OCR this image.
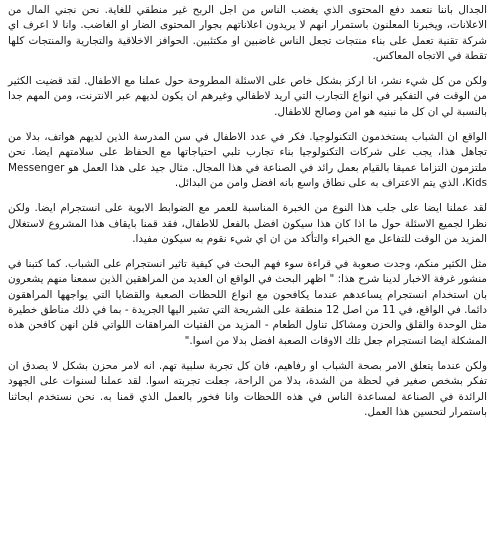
الجدال باننا نتعمد دفع المحتوى الذي يغضب الناس من اجل الربح غير منطقي للغاية. نحن نجني المال من الاعلانات، ويخبرنا المعلنون باستمرار انهم لا يريدون اعلاناتهم بجوار المحتوى الضار او الغاضب. وانا لا اعرف اي شركة تقنية تعمل على بناء منتجات تجعل الناس غاضبين او مكتئبين. الحوافز الاخلاقية والتجارية والمنتجات كلها تقطة في الاتجاه المعاكس.

ولكن من كل شيء نشر، انا اركز بشكل خاص على الاسئلة المطروحة حول عملنا مع الاطفال. لقد قضيت الكثير من الوقت في التفكير في انواع التجارب التي اريد لاطفالي وغيرهم ان يكون لديهم عبر الانترنت، ومن المهم جدا بالنسبة لي ان كل ما نبنيه هو امن وصالح للاطفال.

الواقع ان الشباب يستخدمون التكنولوجيا. فكر في عدد الاطفال في سن المدرسة الذين لديهم هواتف، بدلا من تجاهل هذا، يجب على شركات التكنولوجيا بناء تجارب تلبي احتياجاتها مع الحفاظ على سلامتهم ايضا. نحن ملتزمون التزاما عميقا بالقيام بعمل رائد في الصناعة في هذا المجال. مثال جيد على هذا العمل هو Messenger Kids، الذي يتم الاعتراف به على نطاق واسع بانه افضل وامن من البدائل.

لقد عملنا ايضا على جلب هذا النوع من الخبرة المناسبة للعمر مع الضوابط الابوية على انستجرام ايضا. ولكن نظرا لجميع الاسئلة حول ما اذا كان هذا سيكون افضل بالفعل للاطفال، فقد قمنا بايقاف هذا المشروع لاستغلال المزيد من الوقت للتفاعل مع الخبراء والتأكد من ان اي شيء نقوم به سيكون مفيدا.

مثل الكثير منكم، وجدت صعوبة في قراءة سوء فهم البحث في كيفية تاثير انستجرام على الشباب. كما كتبنا في منشور غرفة الاخبار لدينا شرح هذا: " اظهر البحث في الواقع ان العديد من المراهقين الذين سمعنا منهم يشعرون بان استخدام انستجرام يساعدهم عندما يكافحون مع انواع اللحظات الصعبة والقضايا التي يواجهها المراهقون دائما. في الواقع، في 11 من اصل 12 منطقة على الشريحة التي تشير اليها الجريدة - بما في ذلك مناطق خطيرة مثل الوحدة والقلق والحزن ومشاكل تناول الطعام - المزيد من الفتيات المراهقات اللواتي قلن انهن كافحن هذه المشكلة ايضا انستجرام جعل تلك الاوقات الصعبة افضل بدلا من اسوا."

ولكن عندما يتعلق الامر بصحة الشباب او رفاهيم، فان كل تجربة سلبية تهم. انه لامر محزن بشكل لا يصدق ان تفكر بشخص صغير في لحظة من الشدة، بدلا من الراحة، جعلت تجربته اسوا. لقد عملنا لسنوات على الجهود الرائدة في الصناعة لمساعدة الناس في هذه اللحظات وانا فخور بالعمل الذي قمنا به. نحن نستخدم ابحاثنا باستمرار لتحسين هذا العمل.
